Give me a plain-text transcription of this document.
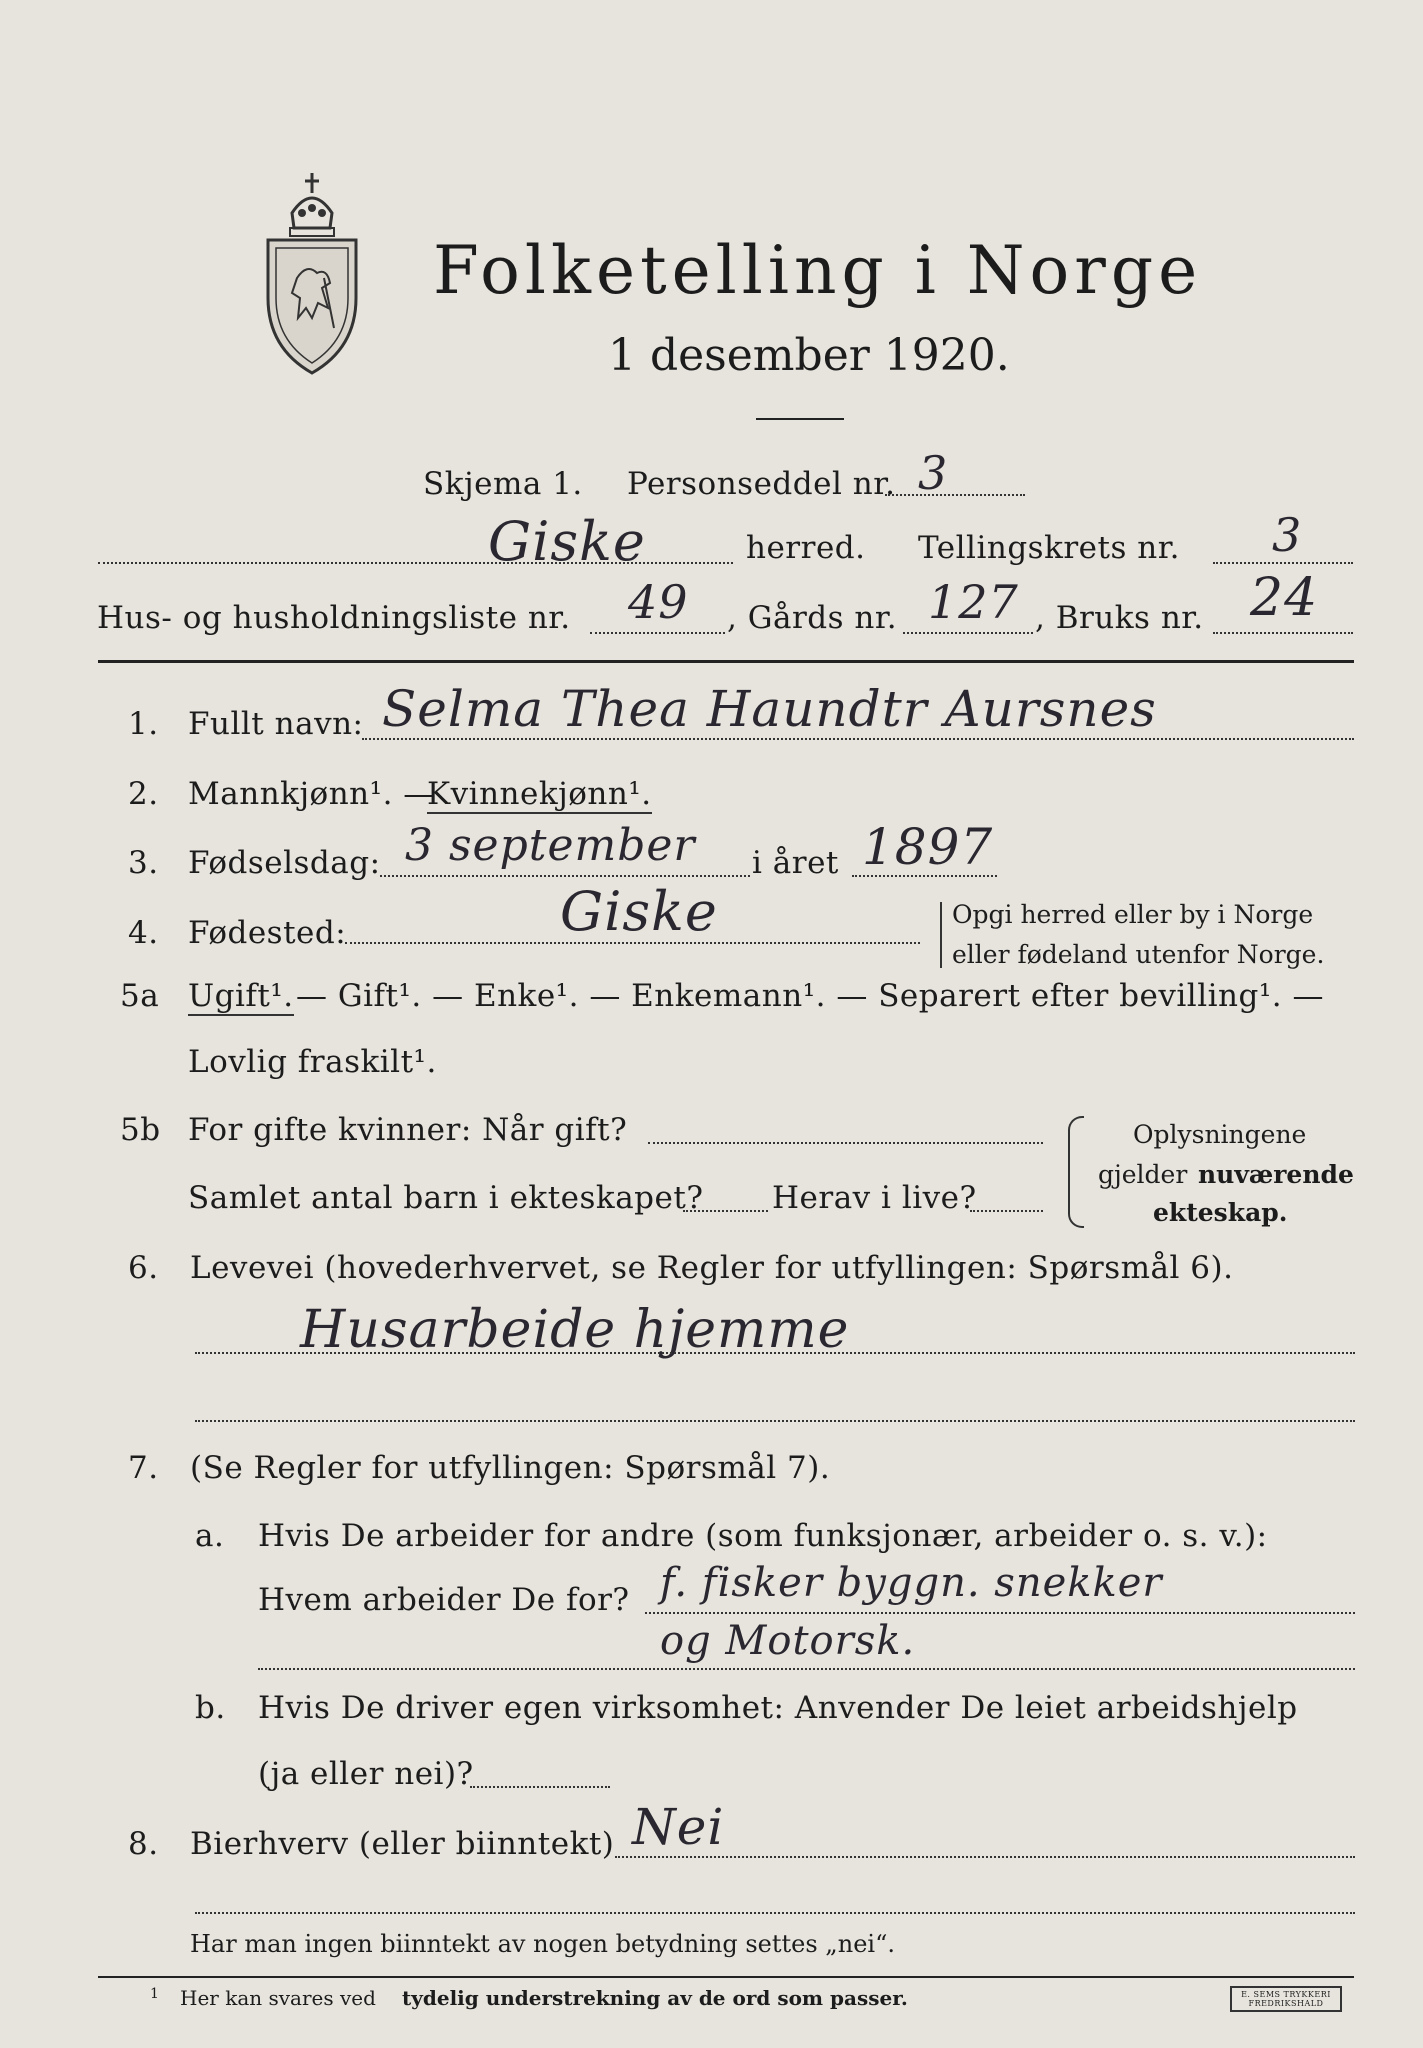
Folketelling i Norge
1 desember 1920.
Skjema 1. Personseddel nr. 3
Giske	herred. Tellingskrets nr. 3
Hus- og husholdningsliste nr. 49 , Gårds nr. 127 , Bruks nr. 24
1. Fullt navn: Selma Thea Haundtr Aursnes
2. Mannkjønn¹. —
Kvinnekjønn¹.
3. Fødselsdag: 3 september i året 1897
4. Fødested:	Giske	Opgi herred eller by i Norge
eller fødeland utenfor Norge.
5a Ugift¹. — Gift¹. — Enke¹. — Enkemann¹. — Separert efter bevilling¹. —
Lovlig fraskilt¹.
5b For gifte kvinner: Når gift?
Samlet antal barn i ekteskapet? Herav i live?
Oplysningene
gjelder nuværende
ekteskap.
6. Levevei (hovederhvervet, se Regler for utfyllingen: Spørsmål 6).
Husarbeide hjemme
7. (Se Regler for utfyllingen: Spørsmål 7).
a. Hvis De arbeider for andre (som funksjonær, arbeider o. s. v.):
Hvem arbeider De for? f. fisker byggn. snekker
og Motorsk.
b. Hvis De driver egen virksomhet: Anvender De leiet arbeidshjelp
(ja eller nei)?
8. Bierhverv (eller biinntekt) Nei
Har man ingen biinntekt av nogen betydning settes „nei“.
1 Her kan svares ved tydelig understrekning av de ord som passer.	E. SEMS TRYKKERI FREDRIKSHALD
